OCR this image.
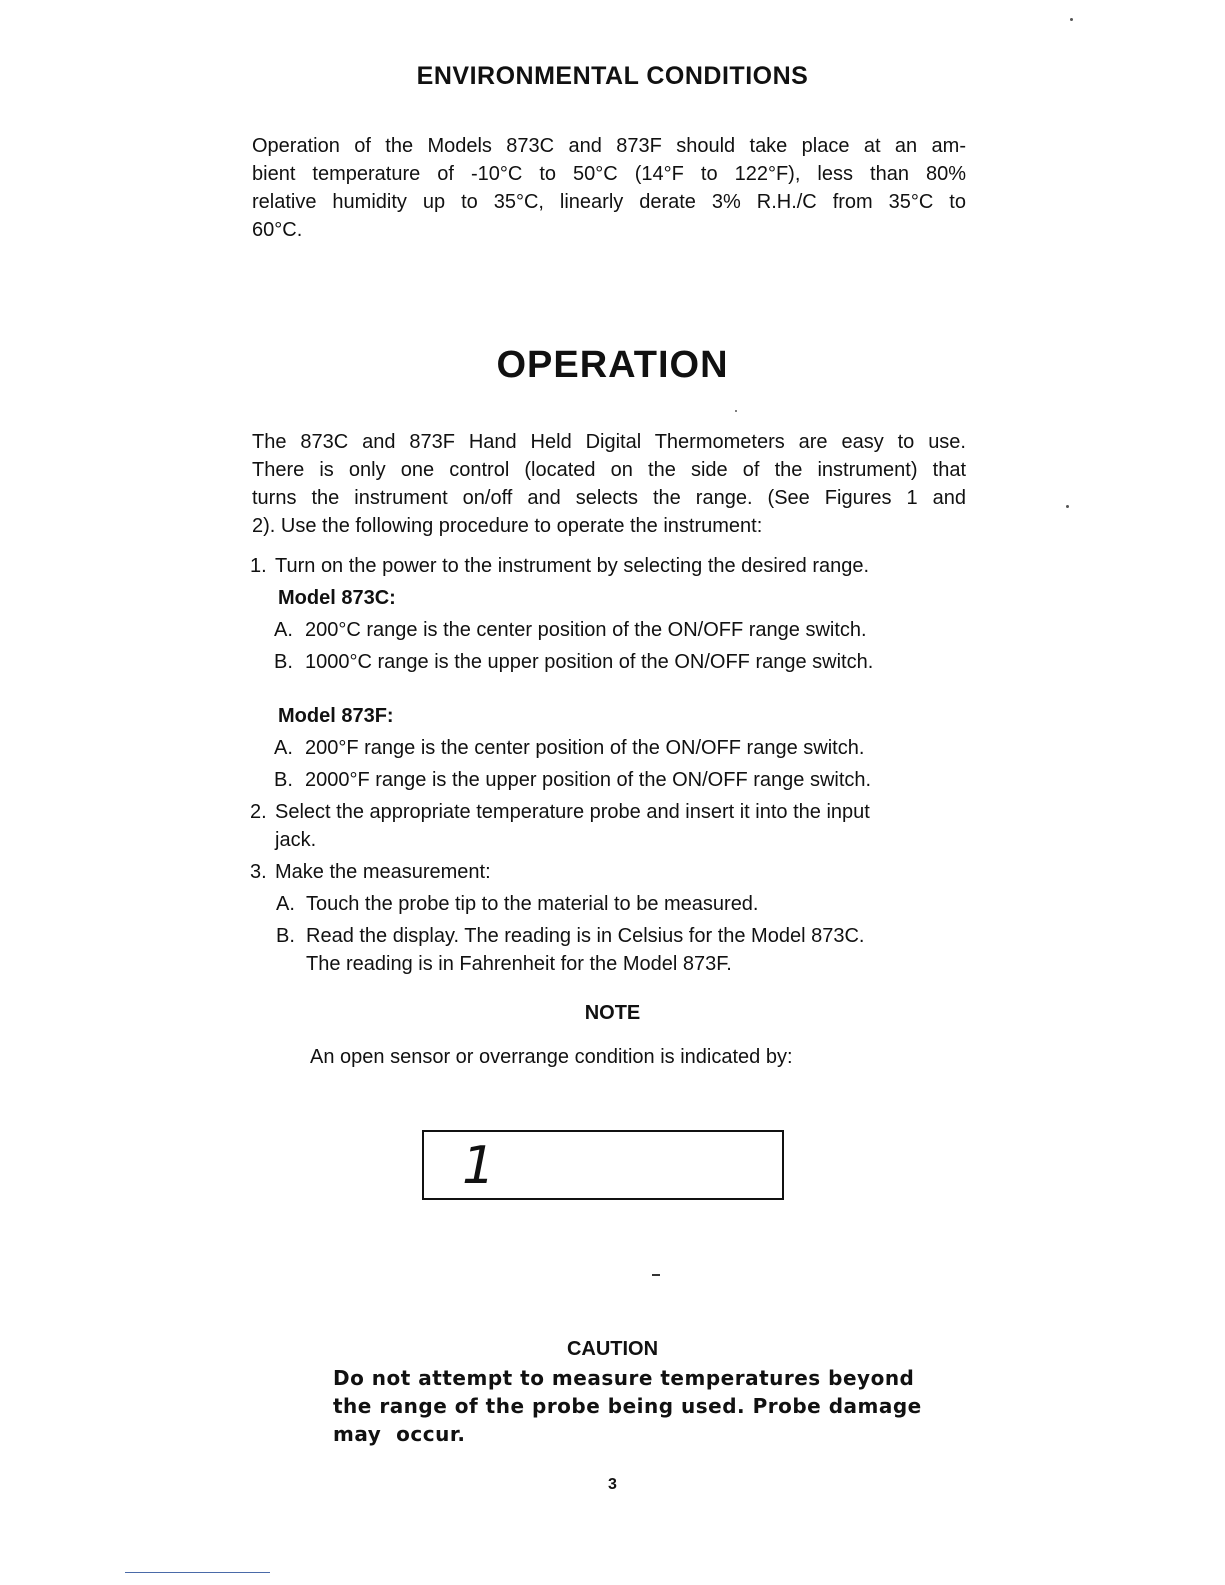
ENVIRONMENTAL CONDITIONS
Operation of the Models 873C and 873F should take place at an am-
bient temperature of -10°C to 50°C (14°F to 122°F), less than 80%
relative humidity up to 35°C, linearly derate 3% R.H./C from 35°C to
60°C.
OPERATION
The 873C and 873F Hand Held Digital Thermometers are easy to use.
There is only one control (located on the side of the instrument) that
turns the instrument on/off and selects the range. (See Figures 1 and
2). Use the following procedure to operate the instrument:
1. Turn on the power to the instrument by selecting the desired range.
Model 873C:
A. 200°C range is the center position of the ON/OFF range switch.
B. 1000°C range is the upper position of the ON/OFF range switch.
Model 873F:
A. 200°F range is the center position of the ON/OFF range switch.
B. 2000°F range is the upper position of the ON/OFF range switch.
2. Select the appropriate temperature probe and insert it into the input
jack.
3. Make the measurement:
A. Touch the probe tip to the material to be measured.
B. Read the display. The reading is in Celsius for the Model 873C.
The reading is in Fahrenheit for the Model 873F.
NOTE
An open sensor or overrange condition is indicated by:
1
CAUTION
Do not attempt to measure temperatures beyond
the range of the probe being used. Probe damage
may  occur.
3
